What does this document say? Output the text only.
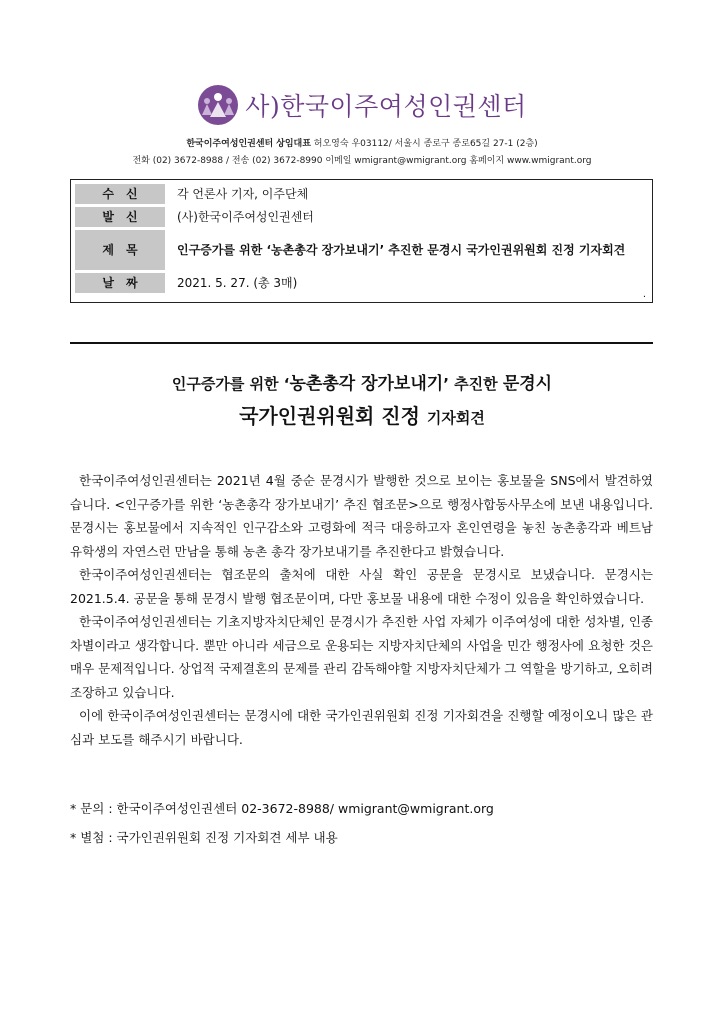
사)한국이주여성인권센터
한국이주여성인권센터 상임대표 허오영숙 우03112/ 서울시 종로구 종로65길 27-1 (2층)
전화 (02) 3672-8988 / 전송 (02) 3672-8990 이메일 wmigrant@wmigrant.org 홈페이지 www.wmigrant.org
수신	각 언론사 기자, 이주단체
발신	(사)한국이주여성인권센터
제목	인구증가를 위한 ‘농촌총각 장가보내기’ 추진한 문경시 국가인권위원회 진정 기자회견
날짜	2021. 5. 27. (총 3매)
.
인구증가를 위한 ‘농촌총각 장가보내기’ 추진한 문경시
국가인권위원회 진정 기자회견

한국이주여성인권센터는 2021년 4월 중순 문경시가 발행한 것으로 보이는 홍보물을 SNS에서 발견하였습니다. <인구증가를 위한 ‘농촌총각 장가보내기’ 추진 협조문>으로 행정사합동사무소에 보낸 내용입니다. 문경시는 홍보물에서 지속적인 인구감소와 고령화에 적극 대응하고자 혼인연령을 놓친 농촌총각과 베트남 유학생의 자연스런 만남을 통해 농촌 총각 장가보내기를 추진한다고 밝혔습니다.

한국이주여성인권센터는 협조문의 출처에 대한 사실 확인 공문을 문경시로 보냈습니다. 문경시는 2021.5.4. 공문을 통해 문경시 발행 협조문이며, 다만 홍보물 내용에 대한 수정이 있음을 확인하였습니다.

한국이주여성인권센터는 기초지방자치단체인 문경시가 추진한 사업 자체가 이주여성에 대한 성차별, 인종차별이라고 생각합니다. 뿐만 아니라 세금으로 운용되는 지방자치단체의 사업을 민간 행정사에 요청한 것은 매우 문제적입니다. 상업적 국제결혼의 문제를 관리 감독해야할 지방자치단체가 그 역할을 방기하고, 오히려 조장하고 있습니다.

이에 한국이주여성인권센터는 문경시에 대한 국가인권위원회 진정 기자회견을 진행할 예정이오니 많은 관심과 보도를 해주시기 바랍니다.

* 문의 : 한국이주여성인권센터 02-3672-8988/ wmigrant@wmigrant.org

* 별첨 : 국가인권위원회 진정 기자회견 세부 내용
